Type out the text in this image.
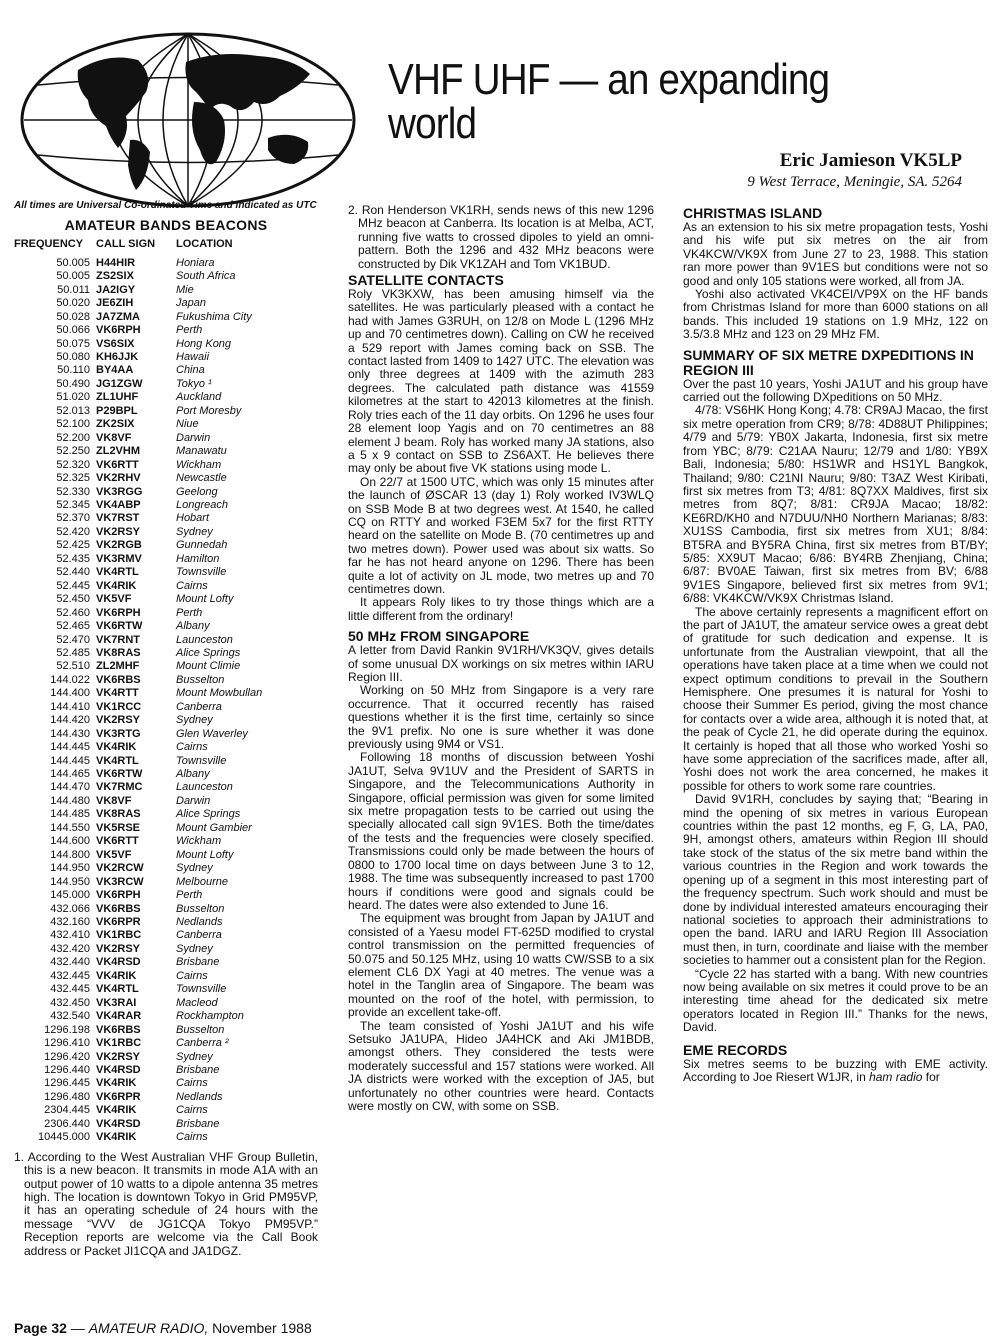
VHF UHF — an expanding world
Eric Jamieson VK5LP
9 West Terrace, Meningie, SA. 5264
All times are Universal Co-ordinated Time and indicated as UTC
AMATEUR BANDS BEACONS
FREQUENCY	CALL SIGN	LOCATION
50.005	H44HIR	Honiara
50.005	ZS2SIX	South Africa
50.011	JA2IGY	Mie
50.020	JE6ZIH	Japan
50.028	JA7ZMA	Fukushima City
50.066	VK6RPH	Perth
50.075	VS6SIX	Hong Kong
50.080	KH6JJK	Hawaii
50.110	BY4AA	China
50.490	JG1ZGW	Tokyo ¹
51.020	ZL1UHF	Auckland
52.013	P29BPL	Port Moresby
52.100	ZK2SIX	Niue
52.200	VK8VF	Darwin
52.250	ZL2VHM	Manawatu
52.320	VK6RTT	Wickham
52.325	VK2RHV	Newcastle
52.330	VK3RGG	Geelong
52.345	VK4ABP	Longreach
52.370	VK7RST	Hobart
52.420	VK2RSY	Sydney
52.425	VK2RGB	Gunnedah
52.435	VK3RMV	Hamilton
52.440	VK4RTL	Townsville
52.445	VK4RIK	Cairns
52.450	VK5VF	Mount Lofty
52.460	VK6RPH	Perth
52.465	VK6RTW	Albany
52.470	VK7RNT	Launceston
52.485	VK8RAS	Alice Springs
52.510	ZL2MHF	Mount Climie
144.022	VK6RBS	Busselton
144.400	VK4RTT	Mount Mowbullan
144.410	VK1RCC	Canberra
144.420	VK2RSY	Sydney
144.430	VK3RTG	Glen Waverley
144.445	VK4RIK	Cairns
144.445	VK4RTL	Townsville
144.465	VK6RTW	Albany
144.470	VK7RMC	Launceston
144.480	VK8VF	Darwin
144.485	VK8RAS	Alice Springs
144.550	VK5RSE	Mount Gambier
144.600	VK6RTT	Wickham
144.800	VK5VF	Mount Lofty
144.950	VK2RCW	Sydney
144.950	VK3RCW	Melbourne
145.000	VK6RPH	Perth
432.066	VK6RBS	Busselton
432.160	VK6RPR	Nedlands
432.410	VK1RBC	Canberra
432.420	VK2RSY	Sydney
432.440	VK4RSD	Brisbane
432.445	VK4RIK	Cairns
432.445	VK4RTL	Townsville
432.450	VK3RAI	Macleod
432.540	VK4RAR	Rockhampton
1296.198	VK6RBS	Busselton
1296.410	VK1RBC	Canberra ²
1296.420	VK2RSY	Sydney
1296.440	VK4RSD	Brisbane
1296.445	VK4RIK	Cairns
1296.480	VK6RPR	Nedlands
2304.445	VK4RIK	Cairns
2306.440	VK4RSD	Brisbane
10445.000	VK4RIK	Cairns

1. According to the West Australian VHF Group Bulletin, this is a new beacon. It transmits in mode A1A with an output power of 10 watts to a dipole antenna 35 metres high. The location is downtown Tokyo in Grid PM95VP, it has an operating schedule of 24 hours with the message “VVV de JG1CQA Tokyo PM95VP.” Reception reports are welcome via the Call Book address or Packet JI1CQA and JA1DGZ.

2. Ron Henderson VK1RH, sends news of this new 1296 MHz beacon at Canberra. Its location is at Melba, ACT, running five watts to crossed dipoles to yield an omni-pattern. Both the 1296 and 432 MHz beacons were constructed by Dik VK1ZAH and Tom VK1BUD.

SATELLITE CONTACTS

Roly VK3KXW, has been amusing himself via the satellites. He was particularly pleased with a contact he had with James G3RUH, on 12/8 on Mode L (1296 MHz up and 70 centimetres down). Calling on CW he received a 529 report with James coming back on SSB. The contact lasted from 1409 to 1427 UTC. The elevation was only three degrees at 1409 with the azimuth 283 degrees. The calculated path distance was 41559 kilometres at the start to 42013 kilometres at the finish. Roly tries each of the 11 day orbits. On 1296 he uses four 28 element loop Yagis and on 70 centimetres an 88 element J beam. Roly has worked many JA stations, also a 5 x 9 contact on SSB to ZS6AXT. He believes there may only be about five VK stations using mode L.

On 22/7 at 1500 UTC, which was only 15 minutes after the launch of ØSCAR 13 (day 1) Roly worked IV3WLQ on SSB Mode B at two degrees west. At 1540, he called CQ on RTTY and worked F3EM 5x7 for the first RTTY heard on the satellite on Mode B. (70 centimetres up and two metres down). Power used was about six watts. So far he has not heard anyone on 1296. There has been quite a lot of activity on JL mode, two metres up and 70 centimetres down.

It appears Roly likes to try those things which are a little different from the ordinary!

50 MHz FROM SINGAPORE

A letter from David Rankin 9V1RH/VK3QV, gives details of some unusual DX workings on six metres within IARU Region III.

Working on 50 MHz from Singapore is a very rare occurrence. That it occurred recently has raised questions whether it is the first time, certainly so since the 9V1 prefix. No one is sure whether it was done previously using 9M4 or VS1.

Following 18 months of discussion between Yoshi JA1UT, Selva 9V1UV and the President of SARTS in Singapore, and the Telecommunications Authority in Singapore, official permission was given for some limited six metre propagation tests to be carried out using the specially allocated call sign 9V1ES. Both the time/dates of the tests and the frequencies were closely specified. Transmissions could only be made between the hours of 0800 to 1700 local time on days between June 3 to 12, 1988. The time was subsequently increased to past 1700 hours if conditions were good and signals could be heard. The dates were also extended to June 16.

The equipment was brought from Japan by JA1UT and consisted of a Yaesu model FT-625D modified to crystal control transmission on the permitted frequencies of 50.075 and 50.125 MHz, using 10 watts CW/SSB to a six element CL6 DX Yagi at 40 metres. The venue was a hotel in the Tanglin area of Singapore. The beam was mounted on the roof of the hotel, with permission, to provide an excellent take-off.

The team consisted of Yoshi JA1UT and his wife Setsuko JA1UPA, Hideo JA4HCK and Aki JM1BDB, amongst others. They considered the tests were moderately successful and 157 stations were worked. All JA districts were worked with the exception of JA5, but unfortunately no other countries were heard. Contacts were mostly on CW, with some on SSB.

CHRISTMAS ISLAND

As an extension to his six metre propagation tests, Yoshi and his wife put six metres on the air from VK4KCW/VK9X from June 27 to 23, 1988. This station ran more power than 9V1ES but conditions were not so good and only 105 stations were worked, all from JA.

Yoshi also activated VK4CEI/VP9X on the HF bands from Christmas Island for more than 6000 stations on all bands. This included 19 stations on 1.9 MHz, 122 on 3.5/3.8 MHz and 123 on 29 MHz FM.

SUMMARY OF SIX METRE DXPEDITIONS IN REGION III

Over the past 10 years, Yoshi JA1UT and his group have carried out the following DXpeditions on 50 MHz.

4/78: VS6HK Hong Kong; 4.78: CR9AJ Macao, the first six metre operation from CR9; 8/78: 4D88UT Philippines; 4/79 and 5/79: YB0X Jakarta, Indonesia, first six metre from YBC; 8/79: C21AA Nauru; 12/79 and 1/80: YB9X Bali, Indonesia; 5/80: HS1WR and HS1YL Bangkok, Thailand; 9/80: C21NI Nauru; 9/80: T3AZ West Kiribati, first six metres from T3; 4/81: 8Q7XX Maldives, first six metres from 8Q7; 8/81: CR9JA Macao; 18/82: KE6RD/KH0 and N7DUU/NH0 Northern Marianas; 8/83: XU1SS Cambodia, first six metres from XU1; 8/84: BT5RA and BY5RA China, first six metres from BT/BY; 5/85: XX9UT Macao; 6/86: BY4RB Zhenjiang, China; 6/87: BV0AE Taiwan, first six metres from BV; 6/88 9V1ES Singapore, believed first six metres from 9V1; 6/88: VK4KCW/VK9X Christmas Island.

The above certainly represents a magnificent effort on the part of JA1UT, the amateur service owes a great debt of gratitude for such dedication and expense. It is unfortunate from the Australian viewpoint, that all the operations have taken place at a time when we could not expect optimum conditions to prevail in the Southern Hemisphere. One presumes it is natural for Yoshi to choose their Summer Es period, giving the most chance for contacts over a wide area, although it is noted that, at the peak of Cycle 21, he did operate during the equinox. It certainly is hoped that all those who worked Yoshi so have some appreciation of the sacrifices made, after all, Yoshi does not work the area concerned, he makes it possible for others to work some rare countries.

David 9V1RH, concludes by saying that; “Bearing in mind the opening of six metres in various European countries within the past 12 months, eg F, G, LA, PA0, 9H, amongst others, amateurs within Region III should take stock of the status of the six metre band within the various countries in the Region and work towards the opening up of a segment in this most interesting part of the frequency spectrum. Such work should and must be done by individual interested amateurs encouraging their national societies to approach their administrations to open the band. IARU and IARU Region III Association must then, in turn, coordinate and liaise with the member societies to hammer out a consistent plan for the Region.

“Cycle 22 has started with a bang. With new countries now being available on six metres it could prove to be an interesting time ahead for the dedicated six metre operators located in Region III.” Thanks for the news, David.

EME RECORDS

Six metres seems to be buzzing with EME activity. According to Joe Riesert W1JR, in ham radio for

Page 32 — AMATEUR RADIO, November 1988
